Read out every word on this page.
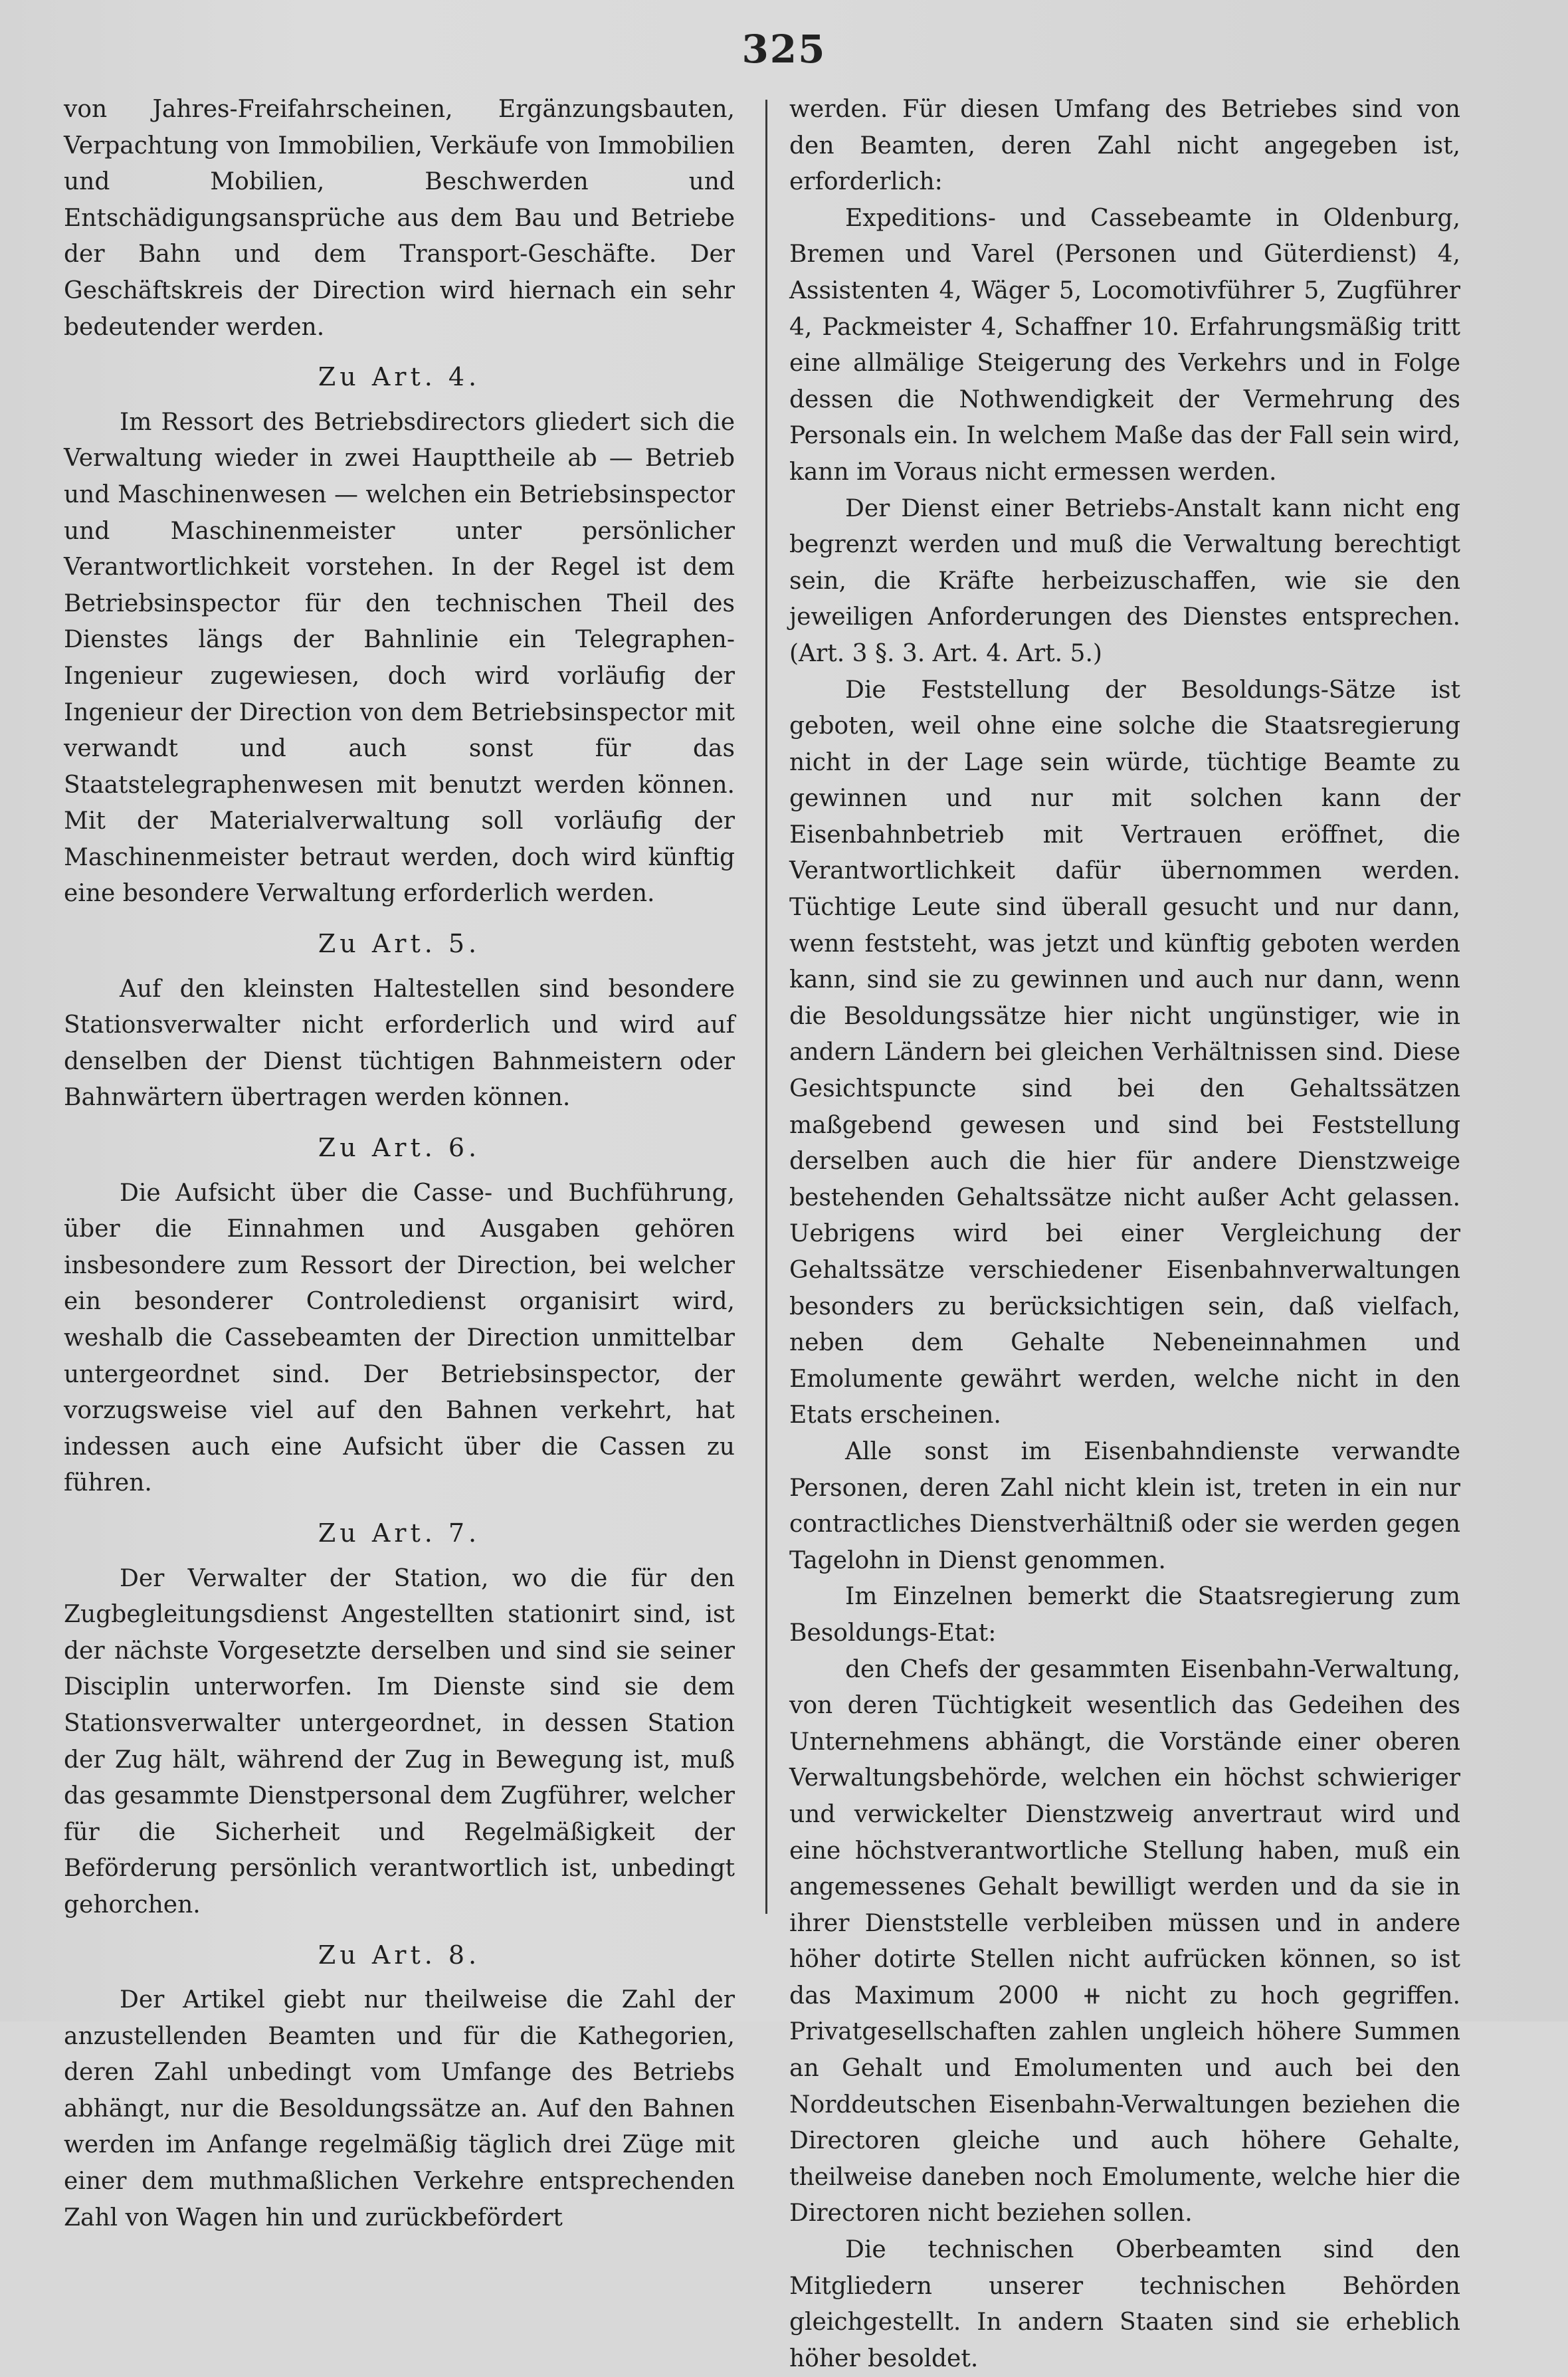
325

von Jahres-Freifahrscheinen, Ergänzungsbauten, Verpachtung von Immobilien, Verkäufe von Immobilien und Mobilien, Beschwerden und Entschädigungsansprüche aus dem Bau und Betriebe der Bahn und dem Transport-Geschäfte. Der Geschäftskreis der Direction wird hiernach ein sehr bedeutender werden.

Zu Art. 4.

Im Ressort des Betriebsdirectors gliedert sich die Verwaltung wieder in zwei Haupttheile ab — Betrieb und Maschinenwesen — welchen ein Betriebsinspector und Maschinenmeister unter persönlicher Verantwortlichkeit vorstehen. In der Regel ist dem Betriebsinspector für den technischen Theil des Dienstes längs der Bahnlinie ein Telegraphen-Ingenieur zugewiesen, doch wird vorläufig der Ingenieur der Direction von dem Betriebsinspector mit verwandt und auch sonst für das Staatstelegraphenwesen mit benutzt werden können. Mit der Materialverwaltung soll vorläufig der Maschinenmeister betraut werden, doch wird künftig eine besondere Verwaltung erforderlich werden.

Zu Art. 5.

Auf den kleinsten Haltestellen sind besondere Stationsverwalter nicht erforderlich und wird auf denselben der Dienst tüchtigen Bahnmeistern oder Bahnwärtern übertragen werden können.

Zu Art. 6.

Die Aufsicht über die Casse- und Buchführung, über die Einnahmen und Ausgaben gehören insbesondere zum Ressort der Direction, bei welcher ein besonderer Controledienst organisirt wird, weshalb die Cassebeamten der Direction unmittelbar untergeordnet sind. Der Betriebsinspector, der vorzugsweise viel auf den Bahnen verkehrt, hat indessen auch eine Aufsicht über die Cassen zu führen.

Zu Art. 7.

Der Verwalter der Station, wo die für den Zugbegleitungsdienst Angestellten stationirt sind, ist der nächste Vorgesetzte derselben und sind sie seiner Disciplin unterworfen. Im Dienste sind sie dem Stationsverwalter untergeordnet, in dessen Station der Zug hält, während der Zug in Bewegung ist, muß das gesammte Dienstpersonal dem Zugführer, welcher für die Sicherheit und Regelmäßigkeit der Beförderung persönlich verantwortlich ist, unbedingt gehorchen.

Zu Art. 8.

Der Artikel giebt nur theilweise die Zahl der anzustellenden Beamten und für die Kathegorien, deren Zahl unbedingt vom Umfange des Betriebs abhängt, nur die Besoldungssätze an. Auf den Bahnen werden im Anfange regelmäßig täglich drei Züge mit einer dem muthmaßlichen Verkehre entsprechenden Zahl von Wagen hin und zurückbefördert

werden. Für diesen Umfang des Betriebes sind von den Beamten, deren Zahl nicht angegeben ist, erforderlich:

Expeditions- und Cassebeamte in Oldenburg, Bremen und Varel (Personen und Güterdienst) 4, Assistenten 4, Wäger 5, Locomotivführer 5, Zugführer 4, Packmeister 4, Schaffner 10. Erfahrungsmäßig tritt eine allmälige Steigerung des Verkehrs und in Folge dessen die Nothwendigkeit der Vermehrung des Personals ein. In welchem Maße das der Fall sein wird, kann im Voraus nicht ermessen werden.

Der Dienst einer Betriebs-Anstalt kann nicht eng begrenzt werden und muß die Verwaltung berechtigt sein, die Kräfte herbeizuschaffen, wie sie den jeweiligen Anforderungen des Dienstes entsprechen. (Art. 3 §. 3. Art. 4. Art. 5.)

Die Feststellung der Besoldungs-Sätze ist geboten, weil ohne eine solche die Staatsregierung nicht in der Lage sein würde, tüchtige Beamte zu gewinnen und nur mit solchen kann der Eisenbahnbetrieb mit Vertrauen eröffnet, die Verantwortlichkeit dafür übernommen werden. Tüchtige Leute sind überall gesucht und nur dann, wenn feststeht, was jetzt und künftig geboten werden kann, sind sie zu gewinnen und auch nur dann, wenn die Besoldungssätze hier nicht ungünstiger, wie in andern Ländern bei gleichen Verhältnissen sind. Diese Gesichtspuncte sind bei den Gehaltssätzen maßgebend gewesen und sind bei Feststellung derselben auch die hier für andere Dienstzweige bestehenden Gehaltssätze nicht außer Acht gelassen. Uebrigens wird bei einer Vergleichung der Gehaltssätze verschiedener Eisenbahnverwaltungen besonders zu berücksichtigen sein, daß vielfach, neben dem Gehalte Nebeneinnahmen und Emolumente gewährt werden, welche nicht in den Etats erscheinen.

Alle sonst im Eisenbahndienste verwandte Personen, deren Zahl nicht klein ist, treten in ein nur contractliches Dienstverhältniß oder sie werden gegen Tagelohn in Dienst genommen.

Im Einzelnen bemerkt die Staatsregierung zum Besoldungs-Etat:

den Chefs der gesammten Eisenbahn-Verwaltung, von deren Tüchtigkeit wesentlich das Gedeihen des Unternehmens abhängt, die Vorstände einer oberen Verwaltungsbehörde, welchen ein höchst schwieriger und verwickelter Dienstzweig anvertraut wird und eine höchstverantwortliche Stellung haben, muß ein angemessenes Gehalt bewilligt werden und da sie in ihrer Dienststelle verbleiben müssen und in andere höher dotirte Stellen nicht aufrücken können, so ist das Maximum 2000 ⧺ nicht zu hoch gegriffen. Privatgesellschaften zahlen ungleich höhere Summen an Gehalt und Emolumenten und auch bei den Norddeutschen Eisenbahn-Verwaltungen beziehen die Directoren gleiche und auch höhere Gehalte, theilweise daneben noch Emolumente, welche hier die Directoren nicht beziehen sollen.

Die technischen Oberbeamten sind den Mitgliedern unserer technischen Behörden gleichgestellt. In andern Staaten sind sie erheblich höher besoldet.
